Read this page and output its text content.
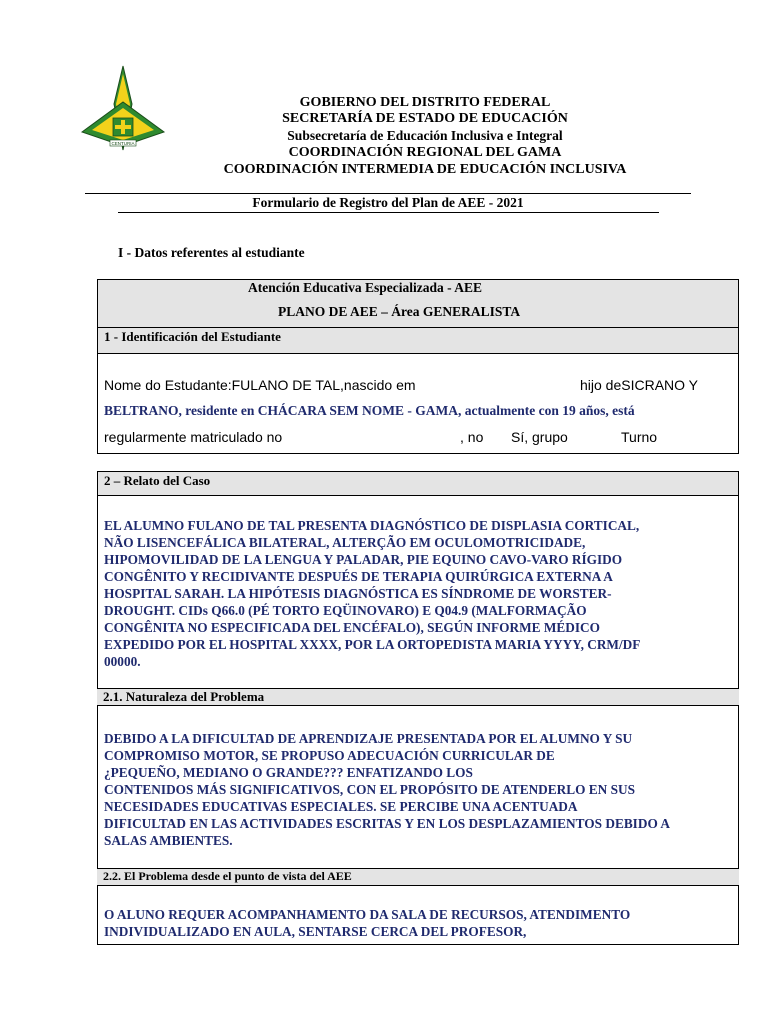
CENTURIA
GOBIERNO DEL DISTRITO FEDERAL
SECRETARÍA DE ESTADO DE EDUCACIÓN
Subsecretaría de Educación Inclusiva e Integral
COORDINACIÓN REGIONAL DEL GAMA
COORDINACIÓN INTERMEDIA DE EDUCACIÓN INCLUSIVA
Formulario de Registro del Plan de AEE - 2021
I - Datos referentes al estudiante
Atención Educativa Especializada - AEE
PLANO DE AEE – Área GENERALISTA
1 - Identificación del Estudiante
Nome do Estudante:FULANO DE TAL,nascido em	hijo deSICRANO Y
BELTRANO, residente en CHÁCARA SEM NOME - GAMA, actualmente con 19 años, está
regularmente matriculado no	, no Sí, grupo	Turno
2 – Relato del Caso
EL ALUMNO FULANO DE TAL PRESENTA DIAGNÓSTICO DE DISPLASIA CORTICAL,
NÃO LISENCEFÁLICA BILATERAL, ALTERÇÃO EM OCULOMOTRICIDADE,
HIPOMOVILIDAD DE LA LENGUA Y PALADAR, PIE EQUINO CAVO-VARO RÍGIDO
CONGÊNITO Y RECIDIVANTE DESPUÉS DE TERAPIA QUIRÚRGICA EXTERNA A
HOSPITAL SARAH. LA HIPÓTESIS DIAGNÓSTICA ES SÍNDROME DE WORSTER-
DROUGHT. CIDs Q66.0 (PÉ TORTO EQÜINOVARO) E Q04.9 (MALFORMAÇÃO
CONGÊNITA NO ESPECIFICADA DEL ENCÉFALO), SEGÚN INFORME MÉDICO
EXPEDIDO POR EL HOSPITAL XXXX, POR LA ORTOPEDISTA MARIA YYYY, CRM/DF
00000.
2.1. Naturaleza del Problema
DEBIDO A LA DIFICULTAD DE APRENDIZAJE PRESENTADA POR EL ALUMNO Y SU
COMPROMISO MOTOR, SE PROPUSO ADECUACIÓN CURRICULAR DE
¿PEQUEÑO, MEDIANO O GRANDE??? ENFATIZANDO LOS
CONTENIDOS MÁS SIGNIFICATIVOS, CON EL PROPÓSITO DE ATENDERLO EN SUS
NECESIDADES EDUCATIVAS ESPECIALES. SE PERCIBE UNA ACENTUADA
DIFICULTAD EN LAS ACTIVIDADES ESCRITAS Y EN LOS DESPLAZAMIENTOS DEBIDO A
SALAS AMBIENTES.
2.2. El Problema desde el punto de vista del AEE
O ALUNO REQUER ACOMPANHAMENTO DA SALA DE RECURSOS, ATENDIMENTO
INDIVIDUALIZADO EN AULA, SENTARSE CERCA DEL PROFESOR,
